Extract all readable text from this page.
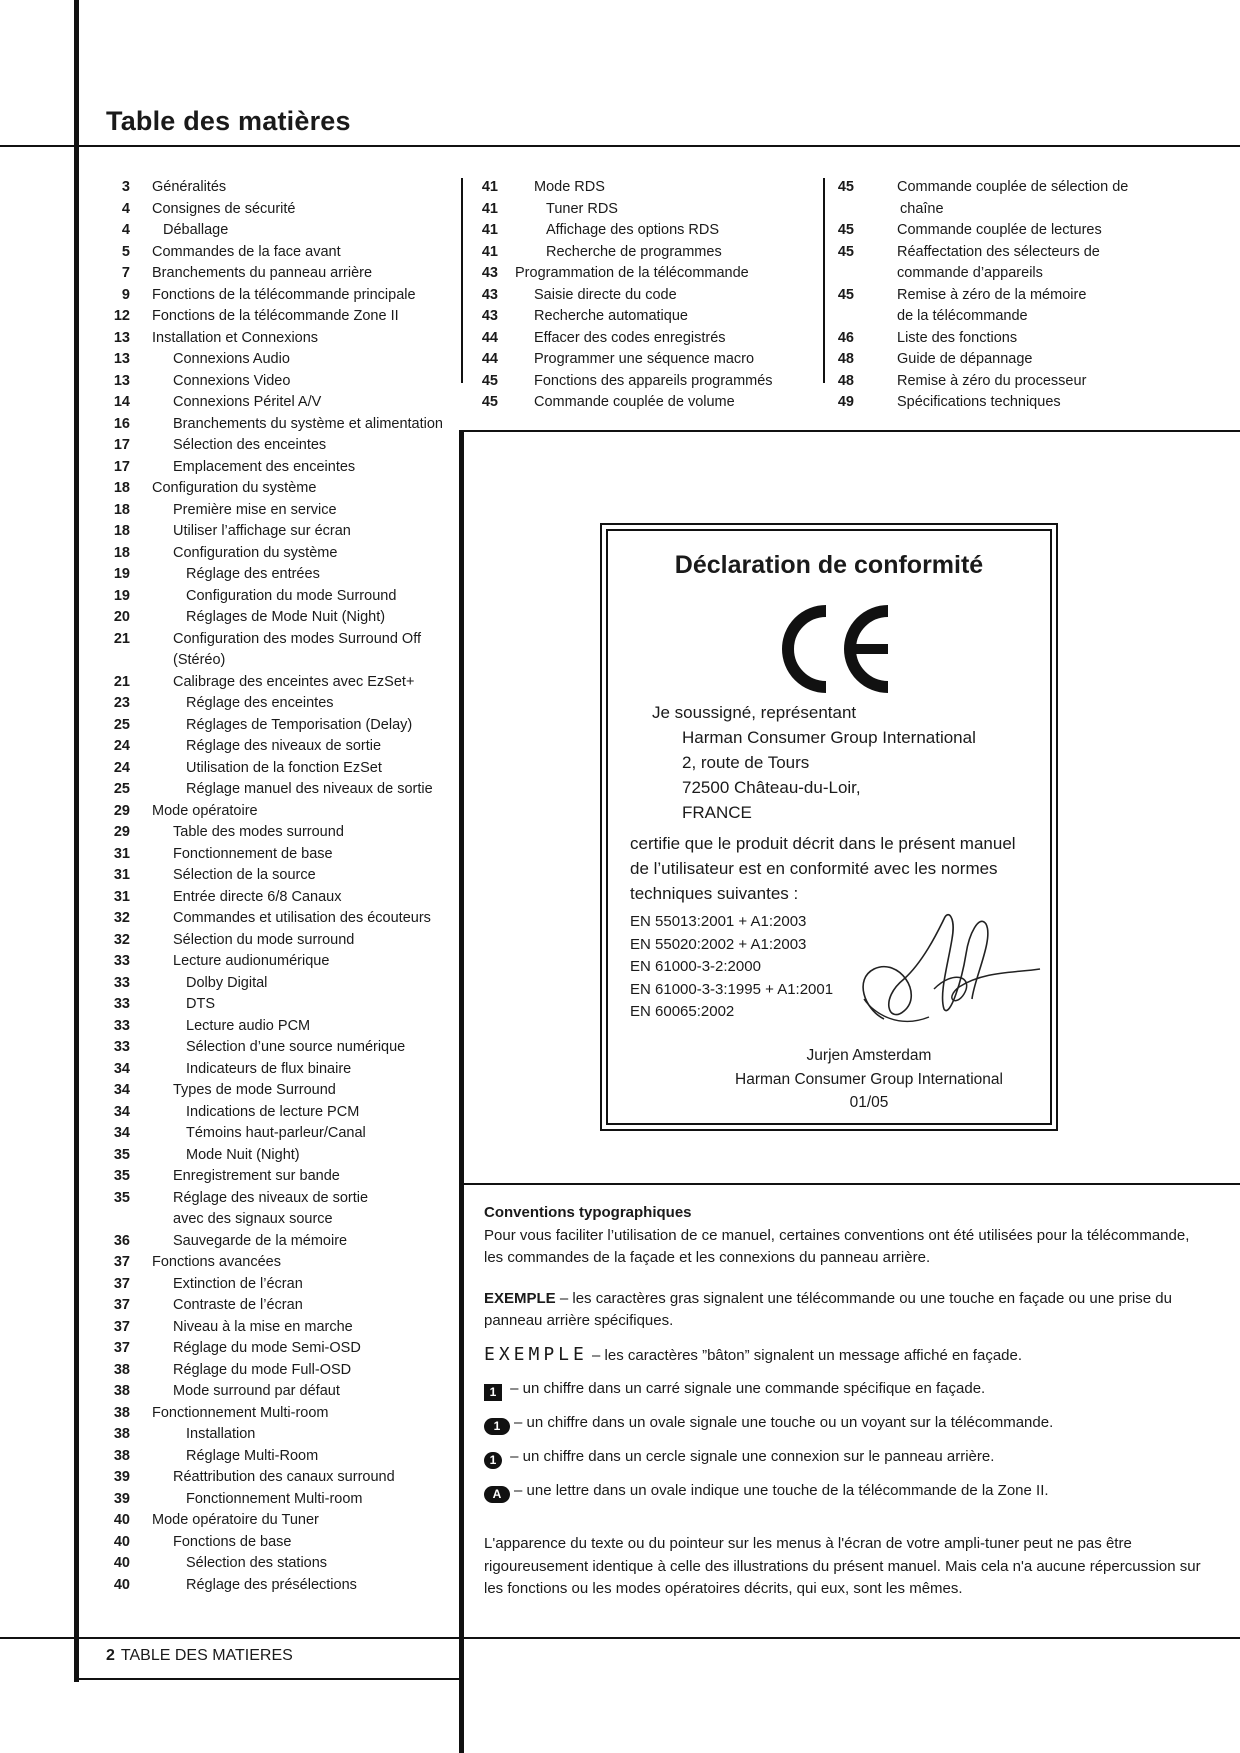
Table des matières
3	Généralités
4	Consignes de sécurité
4	Déballage
5	Commandes de la face avant
7	Branchements du panneau arrière
9	Fonctions de la télécommande principale
12	Fonctions de la télécommande Zone II
13	Installation et Connexions
13	Connexions Audio
13	Connexions Video
14	Connexions Péritel A/V
16	Branchements du système et alimentation
17	Sélection des enceintes
17	Emplacement des enceintes
18	Configuration du système
18	Première mise en service
18	Utiliser l’affichage sur écran
18	Configuration du système
19	Réglage des entrées
19	Configuration du mode Surround
20	Réglages de Mode Nuit (Night)
21	Configuration des modes Surround Off
(Stéréo)
21	Calibrage des enceintes avec EzSet+
23	Réglage des enceintes
25	Réglages de Temporisation (Delay)
24	Réglage des niveaux de sortie
24	Utilisation de la fonction EzSet
25	Réglage manuel des niveaux de sortie
29	Mode opératoire
29	Table des modes surround
31	Fonctionnement de base
31	Sélection de la source
31	Entrée directe 6/8 Canaux
32	Commandes et utilisation des écouteurs
32	Sélection du mode surround
33	Lecture audionumérique
33	Dolby Digital
33	DTS
33	Lecture audio PCM
33	Sélection d’une source numérique
34	Indicateurs de flux binaire
34	Types de mode Surround
34	Indications de lecture PCM
34	Témoins haut-parleur/Canal
35	Mode Nuit (Night)
35	Enregistrement sur bande
35	Réglage des niveaux de sortie
avec des signaux source
36	Sauvegarde de la mémoire
37	Fonctions avancées
37	Extinction de l’écran
37	Contraste de l’écran
37	Niveau à la mise en marche
37	Réglage du mode Semi-OSD
38	Réglage du mode Full-OSD
38	Mode surround par défaut
38	Fonctionnement Multi-room
38	Installation
38	Réglage Multi-Room
39	Réattribution des canaux surround
39	Fonctionnement Multi-room
40	Mode opératoire du Tuner
40	Fonctions de base
40	Sélection des stations
40	Réglage des présélections
41	Mode RDS
41	Tuner RDS
41	Affichage des options RDS
41	Recherche de programmes
43	Programmation de la télécommande
43	Saisie directe du code
43	Recherche automatique
44	Effacer des codes enregistrés
44	Programmer une séquence macro
45	Fonctions des appareils programmés
45	Commande couplée de volume
45	Commande couplée de sélection de
chaîne
45	Commande couplée de lectures
45	Réaffectation des sélecteurs de
commande d’appareils
45	Remise à zéro de la mémoire
de la télécommande
46	Liste des fonctions
48	Guide de dépannage
48	Remise à zéro du processeur
49	Spécifications techniques
Déclaration de conformité
Je soussigné, représentant
Harman Consumer Group International
2, route de Tours
72500 Château-du-Loir,
FRANCE
certifie que le produit décrit dans le présent manuel
de l’utilisateur est en conformité avec les normes
techniques suivantes :
EN 55013:2001 + A1:2003
EN 55020:2002 + A1:2003
EN 61000-3-2:2000
EN 61000-3-3:1995 + A1:2001
EN 60065:2002
Jurjen Amsterdam
Harman Consumer Group International
01/05

Conventions typographiques

Pour vous faciliter l’utilisation de ce manuel, certaines conventions ont été utilisées pour la télécommande, les commandes de la façade et les connexions du panneau arrière.

EXEMPLE – les caractères gras signalent une télécommande ou une touche en façade ou une prise du panneau arrière spécifiques.

EXEMPLE – les caractères ”bâton” signalent un message affiché en façade.

1 – un chiffre dans un carré signale une commande spécifique en façade.

1 – un chiffre dans un ovale signale une touche ou un voyant sur la télécommande.

1 – un chiffre dans un cercle signale une connexion sur le panneau arrière.

A – une lettre dans un ovale indique une touche de la télécommande de la Zone II.

L'apparence du texte ou du pointeur sur les menus à l'écran de votre ampli-tuner peut ne pas être rigoureusement identique à celle des illustrations du présent manuel. Mais cela n'a aucune répercussion sur les fonctions ou les modes opératoires décrits, qui eux, sont les mêmes.

2 TABLE DES MATIERES
